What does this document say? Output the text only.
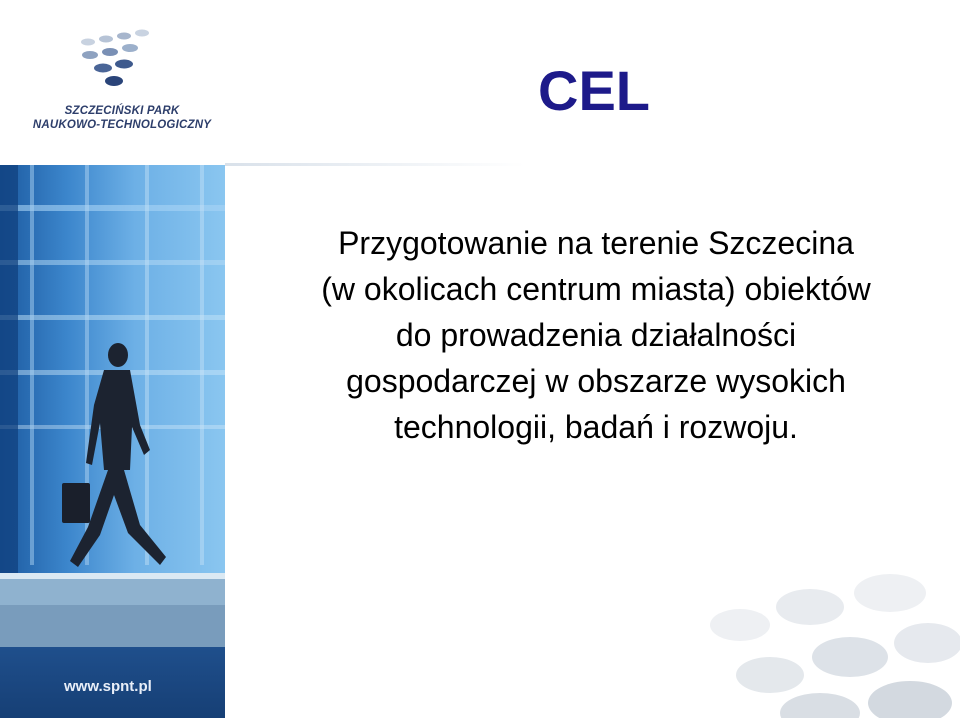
SZCZECIŃSKI PARK
NAUKOWO-TECHNOLOGICZNY
www.spnt.pl
CEL
Przygotowanie na terenie Szczecina
(w okolicach centrum miasta) obiektów
do prowadzenia działalności
gospodarczej w obszarze wysokich
technologii, badań i rozwoju.
